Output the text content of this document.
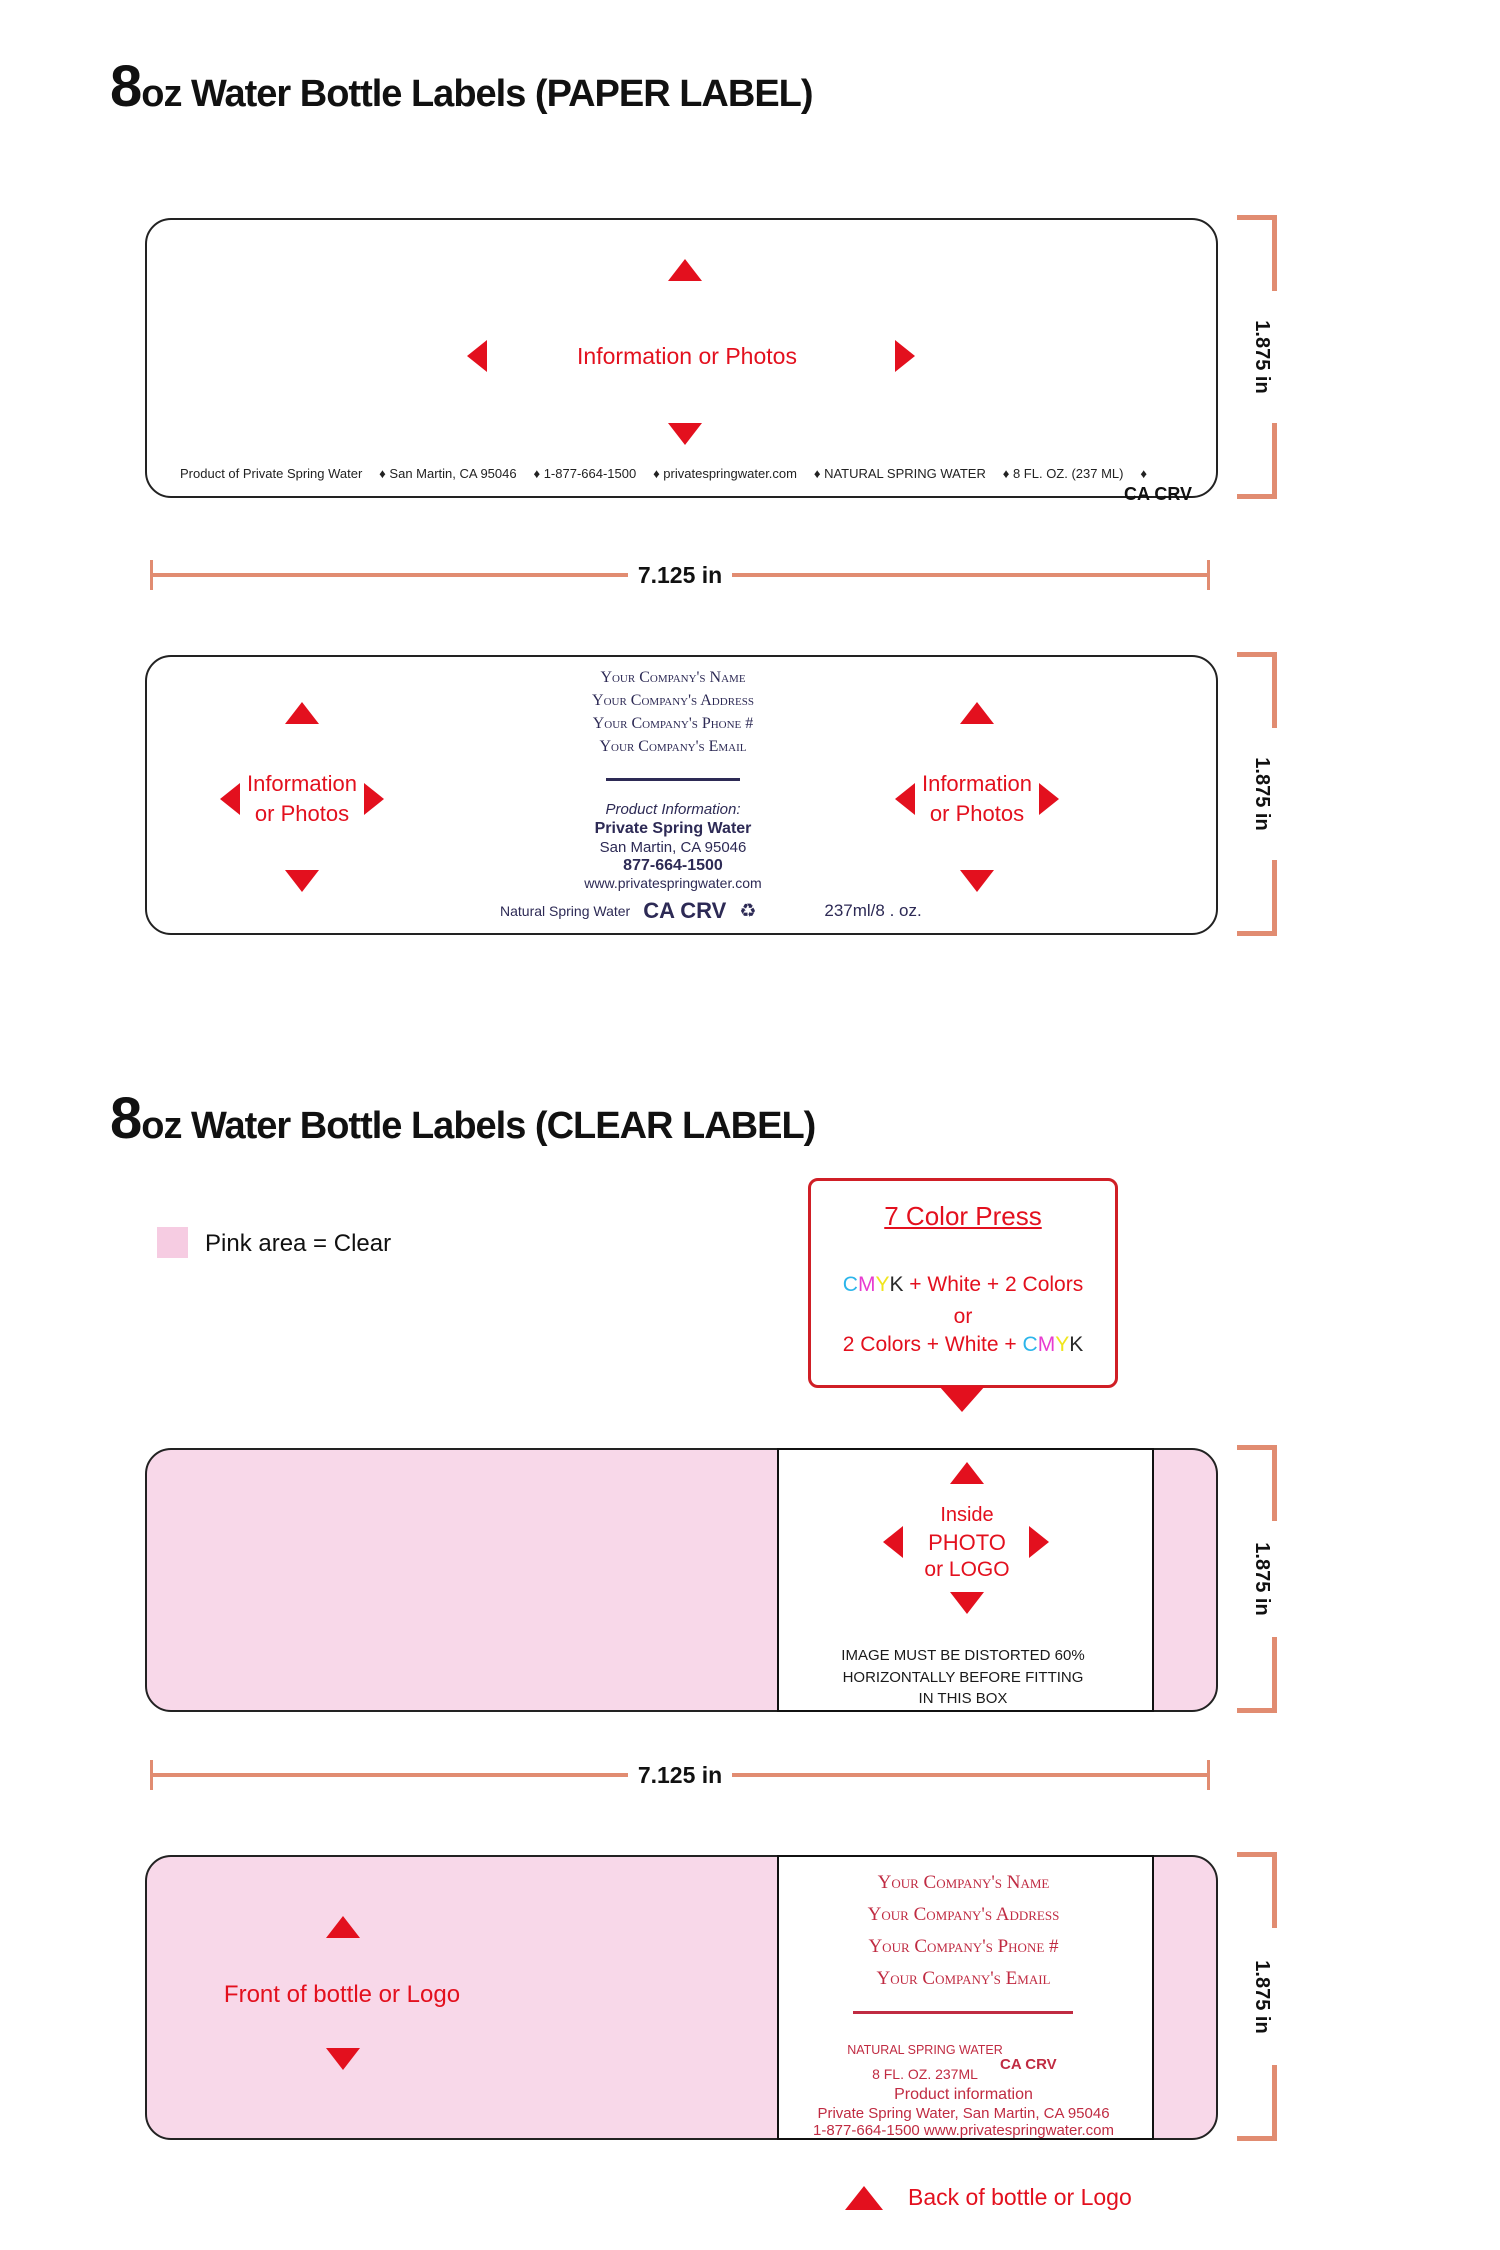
8 oz Water Bottle Labels (PAPER LABEL)
Information or Photos
Product of Private Spring Water ♦ San Martin, CA 95046 ♦ 1-877-664-1500 ♦ privatespringwater.com ♦ NATURAL SPRING WATER ♦ 8 FL. OZ. (237 ML) ♦
CA CRV
1.875 in
7.125 in
Information
or Photos
Information
or Photos
Your Company's Name
Your Company's Address
Your Company's Phone #
Your Company's Email
Product Information:
Private Spring Water
San Martin, CA 95046
877-664-1500
www.privatespringwater.com
Natural Spring Water CA CRV ♻	237ml/8 . oz.
1.875 in
8 oz Water Bottle Labels (CLEAR LABEL)
Pink area = Clear
7 Color Press
CMYK + White + 2 Colors
or
2 Colors + White + CMYK
Inside
PHOTO
or LOGO
IMAGE MUST BE DISTORTED 60%
HORIZONTALLY BEFORE FITTING
IN THIS BOX
1.875 in
7.125 in
Front of bottle or Logo
Your Company's Name
Your Company's Address
Your Company's Phone #
Your Company's Email
NATURAL SPRING WATER
8 FL. OZ. 237ML
CA CRV
Product information
Private Spring Water, San Martin, CA 95046
1-877-664-1500 www.privatespringwater.com
1.875 in
Back of bottle or Logo
